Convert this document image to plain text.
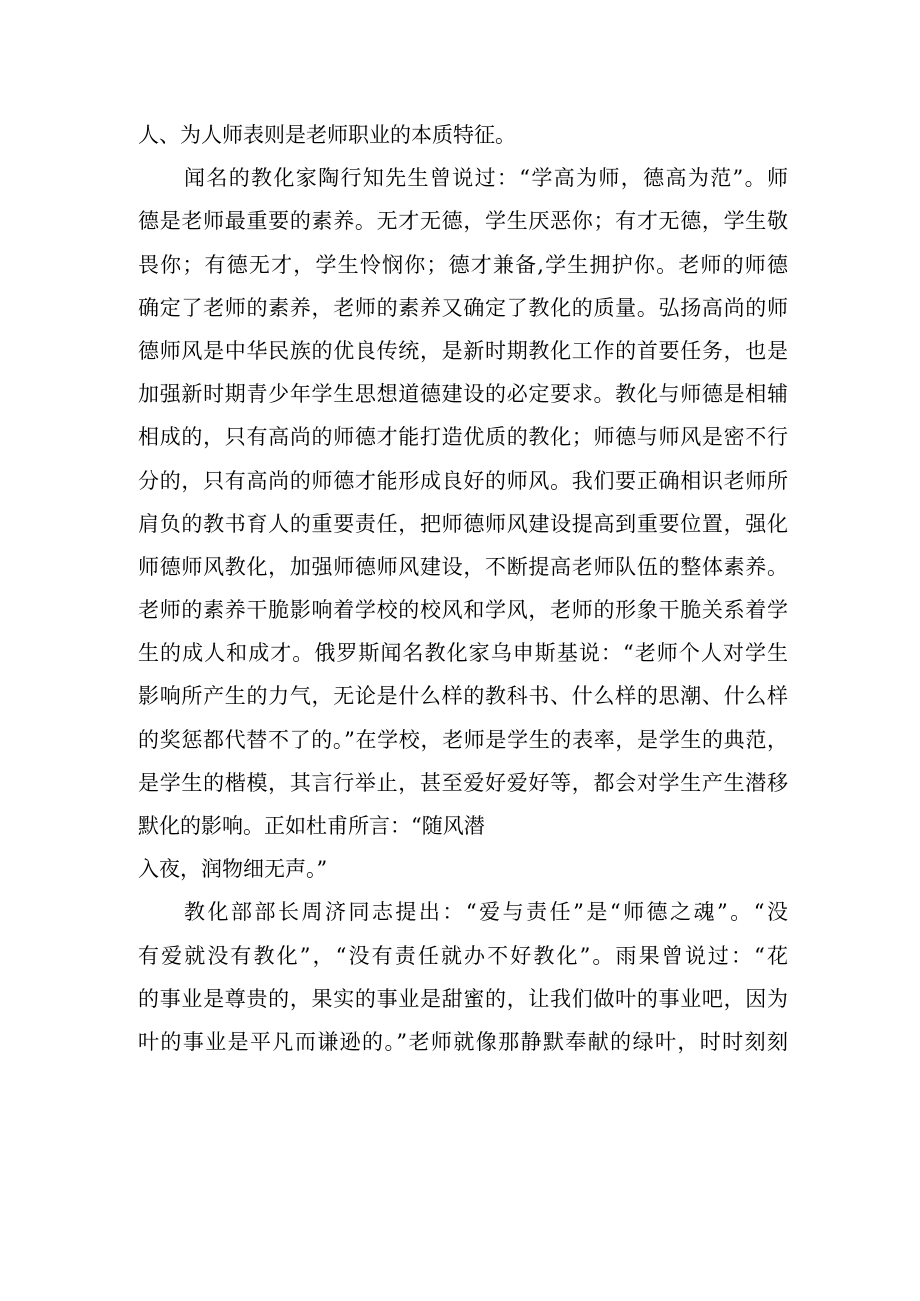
人、为人师表则是老师职业的本质特征。
闻名的教化家陶行知先生曾说过：“学高为师，德高为范”。师
德是老师最重要的素养。无才无德，学生厌恶你；有才无德，学生敬
畏你；有德无才，学生怜悯你；德才兼备,学生拥护你。老师的师德
确定了老师的素养，老师的素养又确定了教化的质量。弘扬高尚的师
德师风是中华民族的优良传统，是新时期教化工作的首要任务，也是
加强新时期青少年学生思想道德建设的必定要求。教化与师德是相辅
相成的，只有高尚的师德才能打造优质的教化；师德与师风是密不行
分的，只有高尚的师德才能形成良好的师风。我们要正确相识老师所
肩负的教书育人的重要责任，把师德师风建设提高到重要位置，强化
师德师风教化，加强师德师风建设，不断提高老师队伍的整体素养。
老师的素养干脆影响着学校的校风和学风，老师的形象干脆关系着学
生的成人和成才。俄罗斯闻名教化家乌申斯基说：“老师个人对学生
影响所产生的力气，无论是什么样的教科书、什么样的思潮、什么样
的奖惩都代替不了的。”在学校，老师是学生的表率，是学生的典范，
是学生的楷模，其言行举止，甚至爱好爱好等，都会对学生产生潜移
默化的影响。正如杜甫所言：“随风潜
入夜，润物细无声。”
教化部部长周济同志提出：“爱与责任”是“师德之魂”。“没
有爱就没有教化”，“没有责任就办不好教化”。雨果曾说过：“花
的事业是尊贵的，果实的事业是甜蜜的，让我们做叶的事业吧，因为
叶的事业是平凡而谦逊的。”老师就像那静默奉献的绿叶，时时刻刻
